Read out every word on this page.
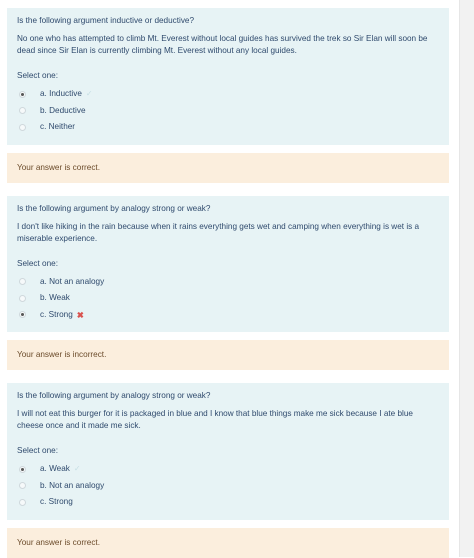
Is the following argument inductive or deductive?
No one who has attempted to climb Mt. Everest without local guides has survived the trek so Sir Elan will soon be dead since Sir Elan is currently climbing Mt. Everest without any local guides.
Select one:
a. Inductive ✓
b. Deductive
c. Neither
Your answer is correct.
Is the following argument by analogy strong or weak?
I don't like hiking in the rain because when it rains everything gets wet and camping when everything is wet is a miserable experience.
Select one:
a. Not an analogy
b. Weak
c. Strong ✖
Your answer is incorrect.
Is the following argument by analogy strong or weak?
I will not eat this burger for it is packaged in blue and I know that blue things make me sick because I ate blue cheese once and it made me sick.
Select one:
a. Weak ✓
b. Not an analogy
c. Strong
Your answer is correct.
